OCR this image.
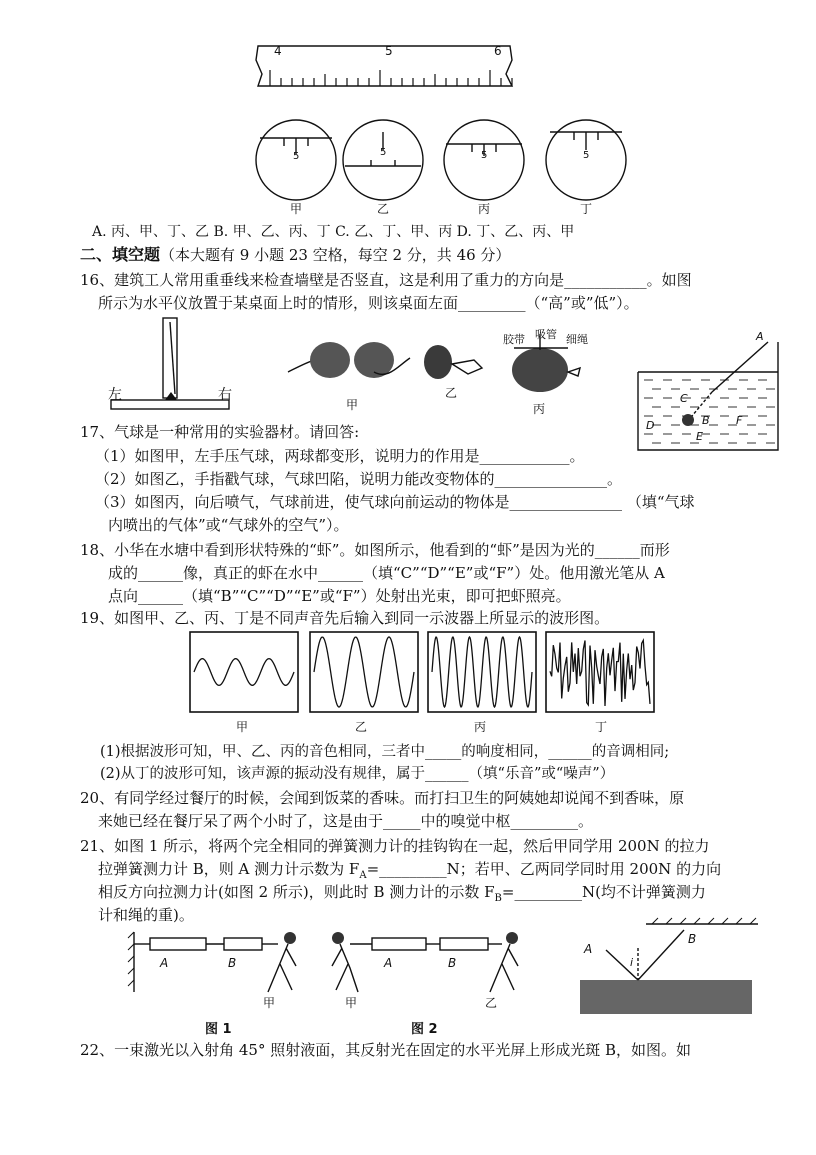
4	5	6
5	5	5	5
甲	乙	丙	丁
A. 丙、甲、丁、乙 B. 甲、乙、丙、丁 C. 乙、丁、甲、丙 D. 丁、乙、丙、甲
二、填空题（本大题有 9 小题 23 空格，每空 2 分，共 46 分）
16、建筑工人常用重垂线来检查墙壁是否竖直，这是利用了重力的方向是___________。如图
所示为水平仪放置于某桌面上时的情形，则该桌面左面_________（“高”或”低”）。
左	右
甲
乙
丙
胶带 吸管 细绳	A
C
D	B F
E
17、气球是一种常用的实验器材。请回答:
（1）如图甲，左手压气球，两球都变形，说明力的作用是____________。
（2）如图乙，手指戳气球，气球凹陷，说明力能改变物体的_______________。
（3）如图丙，向后喷气，气球前进，使气球向前运动的物体是_______________ （填“气球
内喷出的气体”或“气球外的空气”）。
18、小华在水塘中看到形状特殊的“虾”。如图所示，他看到的“虾”是因为光的______而形
成的______像，真正的虾在水中______（填“C”“D”“E”或“F”）处。他用激光笔从 A
点向______（填“B”“C”“D”“E”或“F”）处射出光束，即可把虾照亮。
19、如图甲、乙、丙、丁是不同声音先后输入到同一示波器上所显示的波形图。
甲	乙	丙	丁
(1)根据波形可知，甲、乙、丙的音色相同，三者中_____的响度相同，______的音调相同;
(2)从丁的波形可知，该声源的振动没有规律，属于______（填“乐音”或“噪声”）
20、有同学经过餐厅的时候，会闻到饭菜的香味。而打扫卫生的阿姨她却说闻不到香味，原
来她已经在餐厅呆了两个小时了，这是由于_____中的嗅觉中枢_________。
21、如图 1 所示，将两个完全相同的弹簧测力计的挂钩钩在一起，然后甲同学用 200N 的拉力
拉弹簧测力计 B，则 A 测力计示数为 $F_A=\_\_\_\_\_\_\_\_\_N$；若甲、乙两同学同时用 200N 的力向
相反方向拉测力计(如图 2 所示)，则此时 B 测力计的示数 $F_B=\_\_\_\_\_\_\_\_\_N$(均不计弹簧测力
计和绳的重)。
A	B
甲
图 1
A	B
甲	乙
图 2
A
B
i
22、一束激光以入射角 45° 照射液面，其反射光在固定的水平光屏上形成光斑 B，如图。如
